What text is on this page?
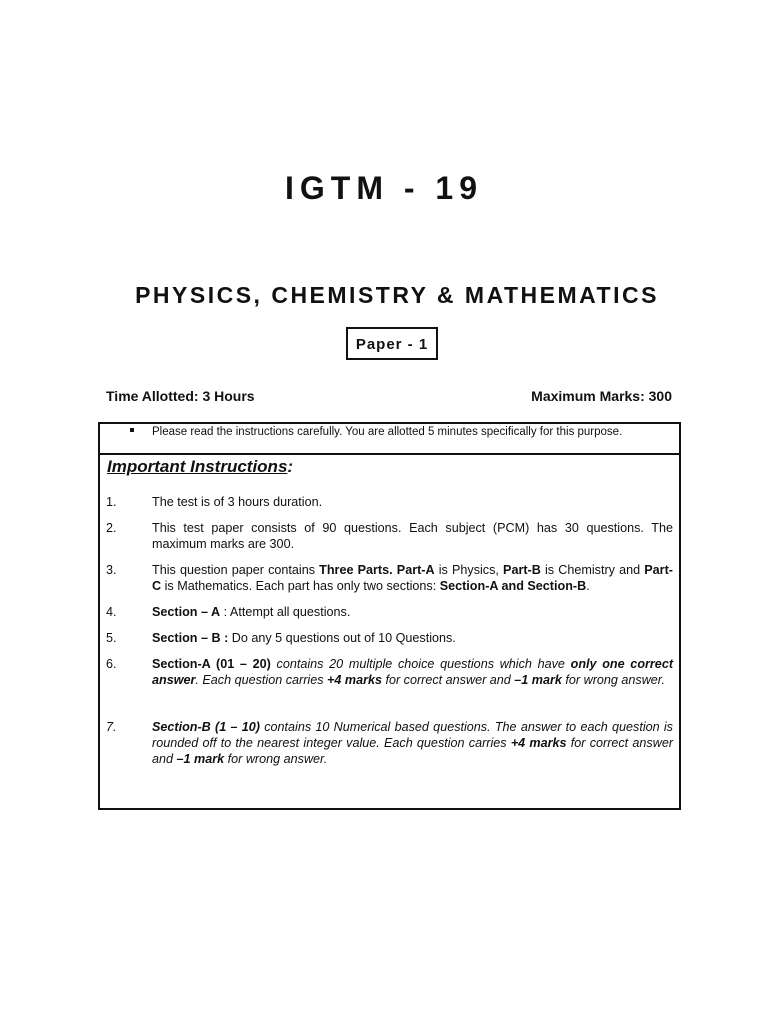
IGTM - 19
PHYSICS, CHEMISTRY & MATHEMATICS
Paper - 1
Time Allotted: 3 Hours	Maximum Marks: 300
Please read the instructions carefully. You are allotted 5 minutes specifically for this purpose.
Important Instructions:
1.	The test is of 3 hours duration.
2.	This test paper consists of 90 questions. Each subject (PCM) has 30 questions. The maximum marks are 300.
3.	This question paper contains Three Parts. Part-A is Physics, Part-B is Chemistry and Part-C is Mathematics. Each part has only two sections: Section-A and Section-B.
4.	Section – A : Attempt all questions.
5.	Section – B : Do any 5 questions out of 10 Questions.
6.	Section-A (01 – 20) contains 20 multiple choice questions which have only one correct answer. Each question carries +4 marks for correct answer and –1 mark for wrong answer.
7.	Section-B (1 – 10) contains 10 Numerical based questions. The answer to each question is rounded off to the nearest integer value. Each question carries +4 marks for correct answer and –1 mark for wrong answer.
